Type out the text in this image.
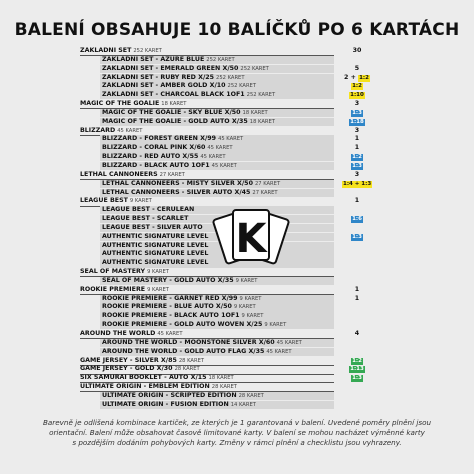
BALENÍ OBSAHUJE 10 BALÍČKŮ PO 6 KARTÁCH
ZÁKLADNÍ SET 252 KARET	30
ZÁKLADNÍ SET - AZURE BLUE 252 KARET
ZÁKLADNÍ SET - EMERALD GREEN X/50 252 KARET	5
ZÁKLADNÍ SET - RUBY RED X/25 252 KARET	2 + 1:2
ZÁKLADNÍ SET - AMBER GOLD X/10 252 KARET	1:2
ZÁKLADNÍ SET - CHARCOAL BLACK 1OF1 252 KARET	1:10
MAGIC OF THE GOALIE 18 KARET	3
MAGIC OF THE GOALIE - SKY BLUE X/50 18 KARET	1:3
MAGIC OF THE GOALIE - GOLD AUTO X/35 18 KARET	1:18
BLIZZARD 45 KARET	3
BLIZZARD - FOREST GREEN X/99 45 KARET	1
BLIZZARD - CORAL PINK X/60 45 KARET	1
BLIZZARD - RED AUTO X/55 45 KARET	1:2
BLIZZARD - BLACK AUTO 1OF1 45 KARET	1:3
LETHAL CANNONEERS 27 KARET	3
LETHAL CANNONEERS - MISTY SILVER X/50 27 KARET	1:4 + 1:3
LETHAL CANNONEERS - SILVER AUTO X/45 27 KARET
LEAGUE BEST 9 KARET	1
LEAGUE BEST - CERULEAN
LEAGUE BEST - SCARLET	1:6
LEAGUE BEST - SILVER AUTO
AUTHENTIC SIGNATURE LEVEL	1:3
AUTHENTIC SIGNATURE LEVEL
AUTHENTIC SIGNATURE LEVEL
AUTHENTIC SIGNATURE LEVEL
SEAL OF MASTERY 9 KARET
SEAL OF MASTERY - GOLD AUTO X/35 9 KARET
ROOKIE PREMIERE 9 KARET	1
ROOKIE PREMIERE - GARNET RED X/99 9 KARET	1
ROOKIE PREMIERE - BLUE AUTO X/50 9 KARET
ROOKIE PREMIERE - BLACK AUTO 1OF1 9 KARET
ROOKIE PREMIERE - GOLD AUTO WOVEN X/25 9 KARET
AROUND THE WORLD 45 KARET	4
AROUND THE WORLD - MOONSTONE SILVER X/60 45 KARET
AROUND THE WORLD - GOLD AUTO FLAG X/35 45 KARET
GAME JERSEY - SILVER X/85 28 KARET	1:2
GAME JERSEY - GOLD X/30 28 KARET	1:13
SIX SAMURAI BOOKLET - AUTO X/15 18 KARET	1:3
ULTIMATE ORIGIN - EMBLEM EDITION 28 KARET
ULTIMATE ORIGIN - SCRIPTED EDITION 28 KARET
ULTIMATE ORIGIN - FUSION EDITION 14 KARET
K
Barevně je odlišená kombinace kartiček, ze kterých je 1 garantovaná v balení. Uvedené poměry plnění jsou
orientační. Balení může obsahovat časově limitované karty. V balení se mohou nacházet výměnné karty
s pozdějším dodáním pohybových karty. Změny v rámci plnění a checklistu jsou vyhrazeny.
